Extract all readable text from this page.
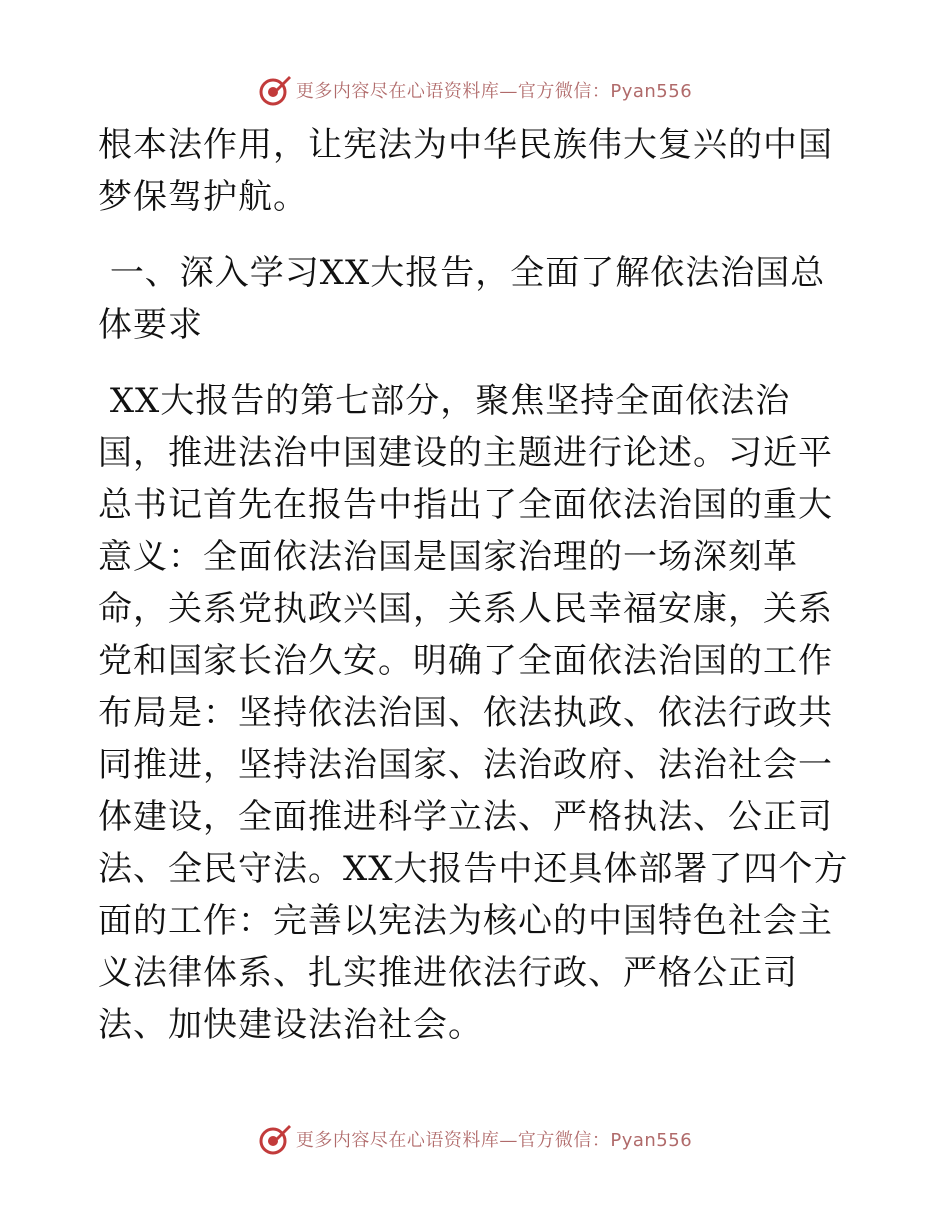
更多内容尽在心语资料库—官方微信：Pyan556

根本法作用，让宪法为中华民族伟大复兴的中国梦保驾护航。

一、深入学习XX大报告，全面了解依法治国总体要求

XX大报告的第七部分，聚焦坚持全面依法治国，推进法治中国建设的主题进行论述。习近平总书记首先在报告中指出了全面依法治国的重大意义：全面依法治国是国家治理的一场深刻革命，关系党执政兴国，关系人民幸福安康，关系党和国家长治久安。明确了全面依法治国的工作布局是：坚持依法治国、依法执政、依法行政共同推进，坚持法治国家、法治政府、法治社会一体建设，全面推进科学立法、严格执法、公正司法、全民守法。XX大报告中还具体部署了四个方面的工作：完善以宪法为核心的中国特色社会主义法律体系、扎实推进依法行政、严格公正司法、加快建设法治社会。

更多内容尽在心语资料库—官方微信：Pyan556
